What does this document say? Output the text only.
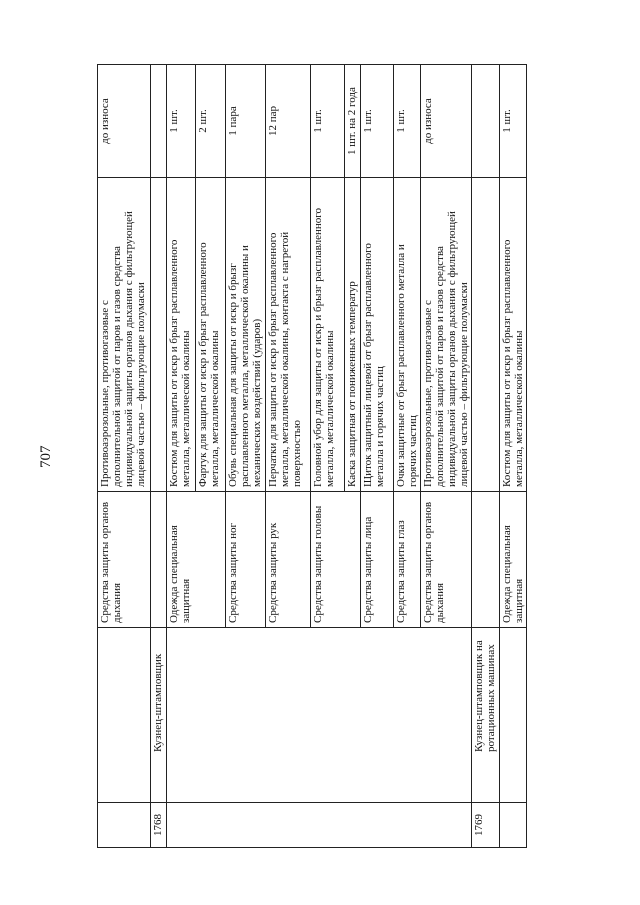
707
Средства защиты органов
дыхания
Противоаэрозольные, противогазовые с
дополнительной защитой от паров и газов средства
индивидуальной защиты органов дыхания с фильтрующей
лицевой частью – фильтрующие полумаски
до износа
1768
Кузнец-штамповщик
Одежда специальная
защитная
Костюм для защиты от искр и брызг расплавленного
металла, металлической окалины
1 шт.
Фартук для защиты от искр и брызг расплавленного
металла, металлической окалины
2 шт.
Средства защиты ног
Обувь специальная для защиты от искр и брызг
расплавленного металла, металлической окалины и
механических воздействий (ударов)
1 пара
Средства защиты рук
Перчатки для защиты от искр и брызг расплавленного
металла, металлической окалины, контакта с нагретой
поверхностью
12 пар
Средства защиты головы
Головной убор для защиты от искр и брызг расплавленного
металла, металлической окалины
1 шт.
Каска защитная от пониженных температур
1 шт. на 2 года
Средства защиты лица
Щиток защитный лицевой от брызг расплавленного
металла и горячих частиц
1 шт.
Средства защиты глаз
Очки защитные от брызг расплавленного металла и
горячих частиц
1 шт.
Средства защиты органов
дыхания
Противоаэрозольные, противогазовые с
дополнительной защитой от паров и газов средства
индивидуальной защиты органов дыхания с фильтрующей
лицевой частью – фильтрующие полумаски
до износа
1769
Кузнец-штамповщик на
ротационных машинах
Одежда специальная
защитная
Костюм для защиты от искр и брызг расплавленного
металла, металлической окалины
1 шт.
